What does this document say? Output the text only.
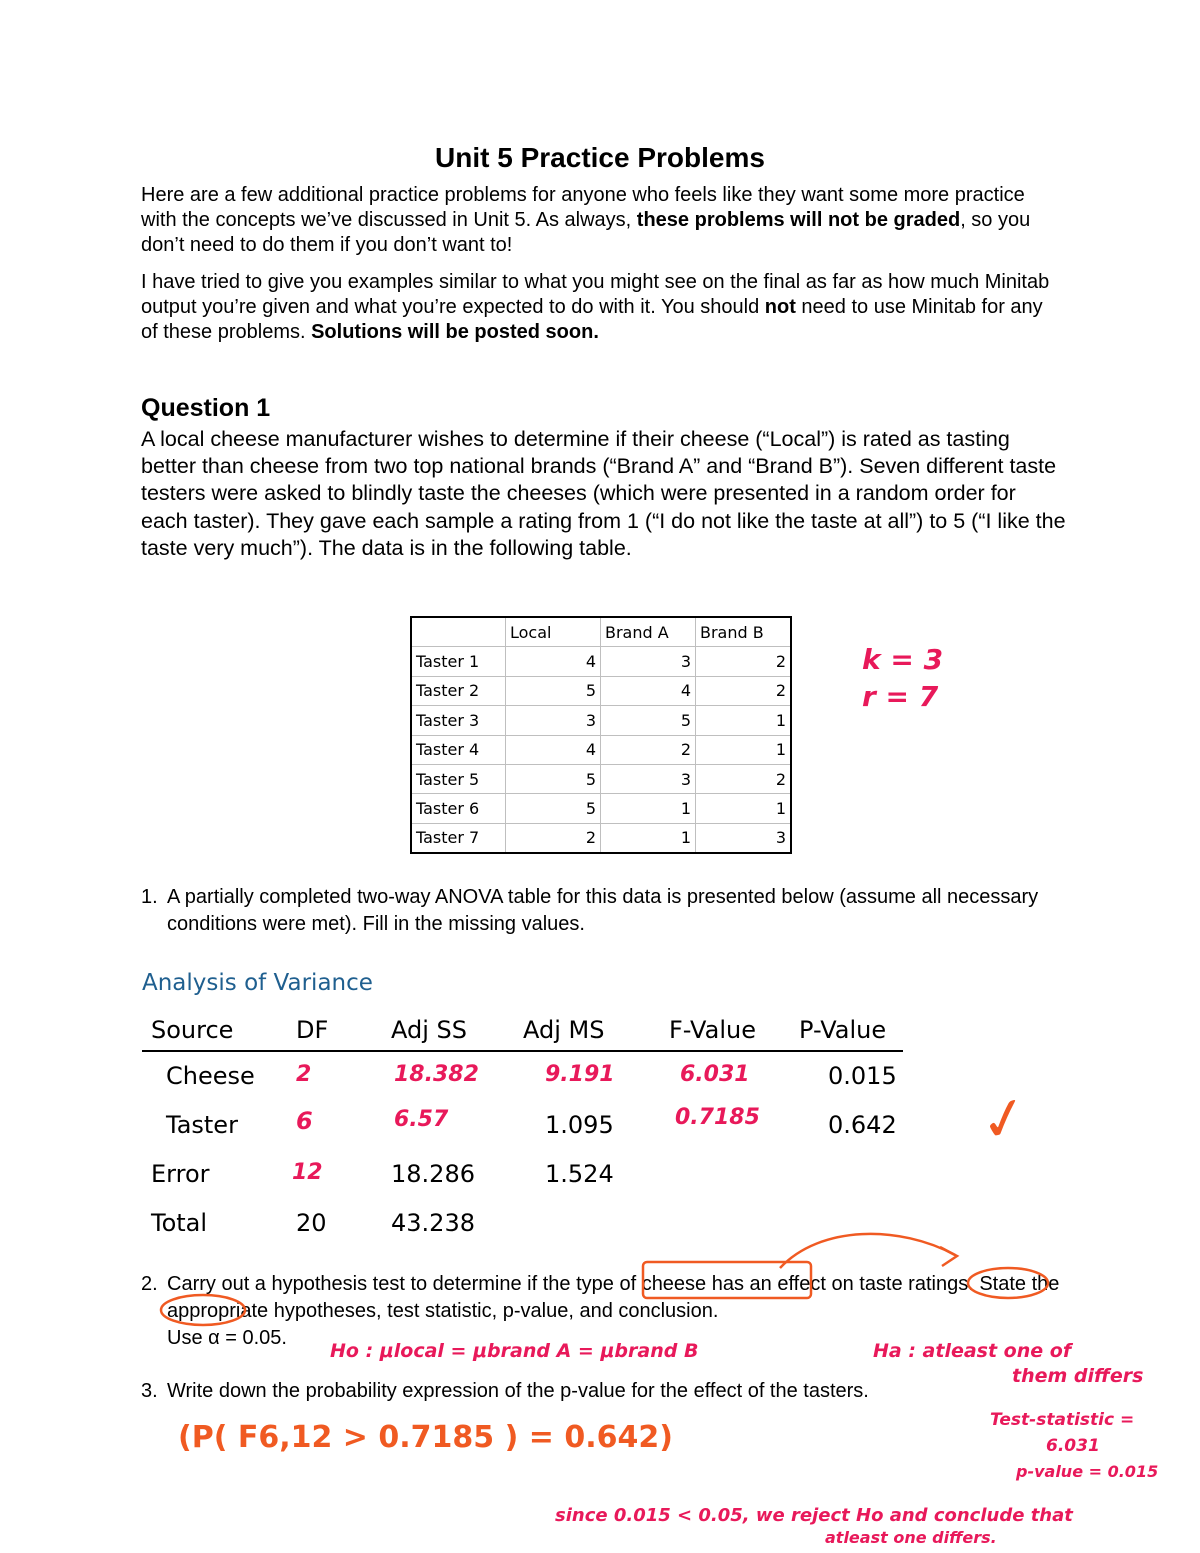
Unit 5 Practice Problems
Here are a few additional practice problems for anyone who feels like they want some more practice with the concepts we’ve discussed in Unit 5. As always, these problems will not be graded, so you don’t need to do them if you don’t want to!
I have tried to give you examples similar to what you might see on the final as far as how much Minitab output you’re given and what you’re expected to do with it. You should not need to use Minitab for any of these problems. Solutions will be posted soon.
Question 1
A local cheese manufacturer wishes to determine if their cheese (“Local”) is rated as tasting better than cheese from two top national brands (“Brand A” and “Brand B”). Seven different taste testers were asked to blindly taste the cheeses (which were presented in a random order for each taster). They gave each sample a rating from 1 (“I do not like the taste at all”) to 5 (“I like the taste very much”). The data is in the following table.
	Local	Brand A	Brand B
Taster 1	4	3	2
Taster 2	5	4	2
Taster 3	3	5	1
Taster 4	4	2	1
Taster 5	5	3	2
Taster 6	5	1	1
Taster 7	2	1	3
k = 3
r = 7
1. A partially completed two-way ANOVA table for this data is presented below (assume all necessary conditions were met). Fill in the missing values.
Analysis of Variance
Source	DF	Adj SS Adj MS	F-Value P-Value
Cheese 2	18.382	9.191	6.031	0.015
Taster 6	6.57	1.095	0.7185	0.642
Error	12	18.286	1.524
Total	20	43.238
✓
2. Carry out a hypothesis test to determine if the type of cheese has an effect on taste ratings. State the appropriate hypotheses, test statistic, p-value, and conclusion.
Use α = 0.05.
Ho : μlocal = μbrand A = μbrand B	Ha : atleast one of
them differs
3. Write down the probability expression of the p-value for the effect of the tasters.
Test-statistic =
6.031
p-value = 0.015
(P( F6,12 > 0.7185 ) = 0.642)
since 0.015 < 0.05, we reject Ho and conclude that
atleast one differs.
